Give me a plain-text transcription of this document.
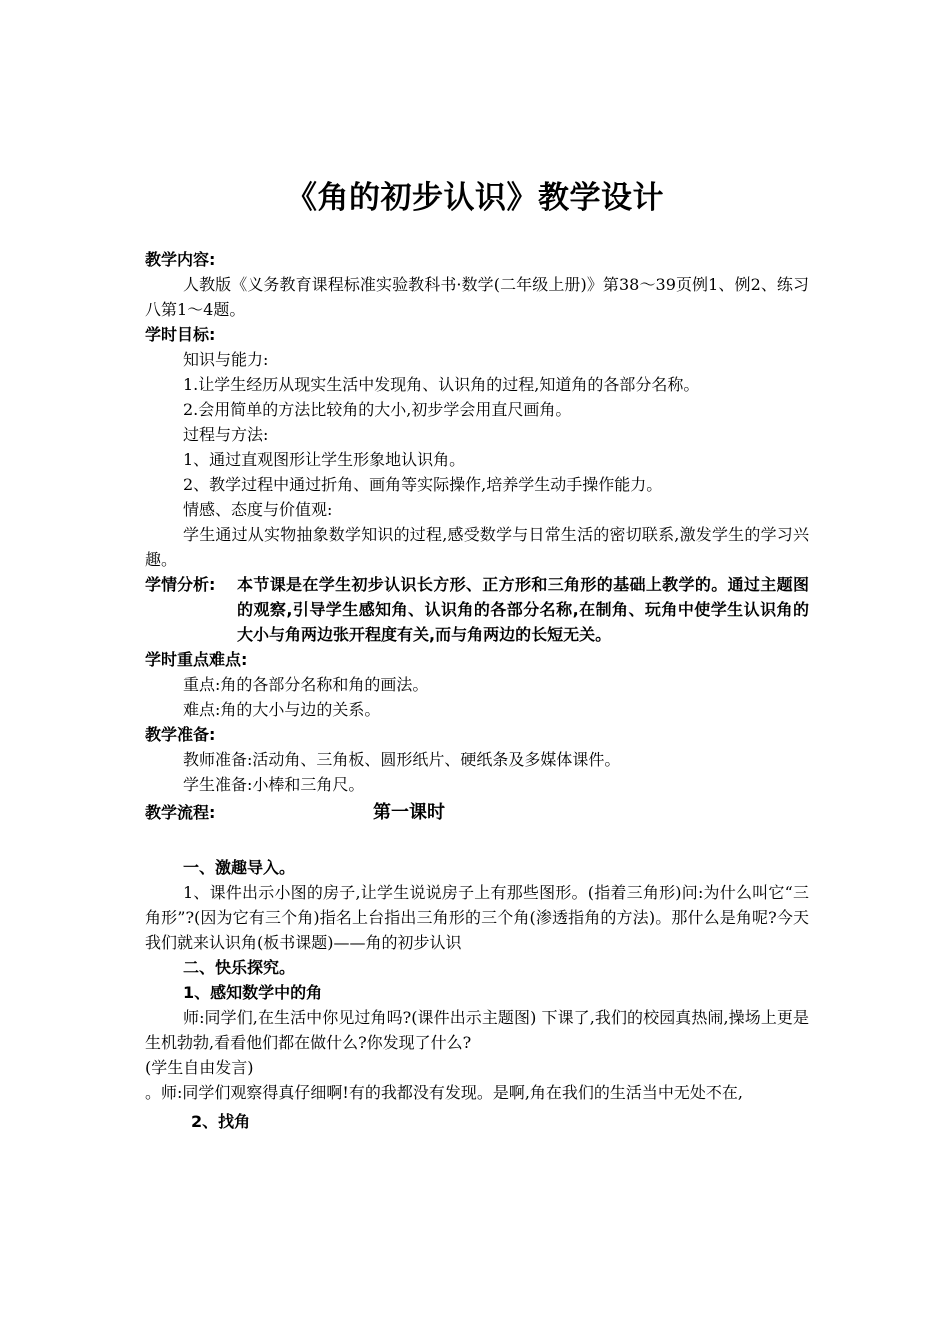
《角的初步认识》教学设计
教学内容:
人教版《义务教育课程标准实验教科书·数学(二年级上册)》第38～39页例1、例2、练习八第1～4题。
学时目标:
知识与能力:
1.让学生经历从现实生活中发现角、认识角的过程,知道角的各部分名称。
2.会用简单的方法比较角的大小,初步学会用直尺画角。
过程与方法:
1、通过直观图形让学生形象地认识角。
2、教学过程中通过折角、画角等实际操作,培养学生动手操作能力。
情感、态度与价值观:
学生通过从实物抽象数学知识的过程,感受数学与日常生活的密切联系,激发学生的学习兴趣。
学情分析:	本节课是在学生初步认识长方形、正方形和三角形的基础上教学的。通过主题图的观察,引导学生感知角、认识角的各部分名称,在制角、玩角中使学生认识角的大小与角两边张开程度有关,而与角两边的长短无关。
学时重点难点:
重点:角的各部分名称和角的画法。
难点:角的大小与边的关系。
教学准备:
教师准备:活动角、三角板、圆形纸片、硬纸条及多媒体课件。
学生准备:小棒和三角尺。
教学流程:	第一课时
一、激趣导入。
1、课件出示小图的房子,让学生说说房子上有那些图形。(指着三角形)问:为什么叫它“三角形”?(因为它有三个角)指名上台指出三角形的三个角(渗透指角的方法)。那什么是角呢?今天我们就来认识角(板书课题)——角的初步认识
二、快乐探究。
1、感知数学中的角
师:同学们,在生活中你见过角吗?(课件出示主题图) 下课了,我们的校园真热闹,操场上更是生机勃勃,看看他们都在做什么?你发现了什么?
(学生自由发言)
。师:同学们观察得真仔细啊!有的我都没有发现。是啊,角在我们的生活当中无处不在,
2、找角
